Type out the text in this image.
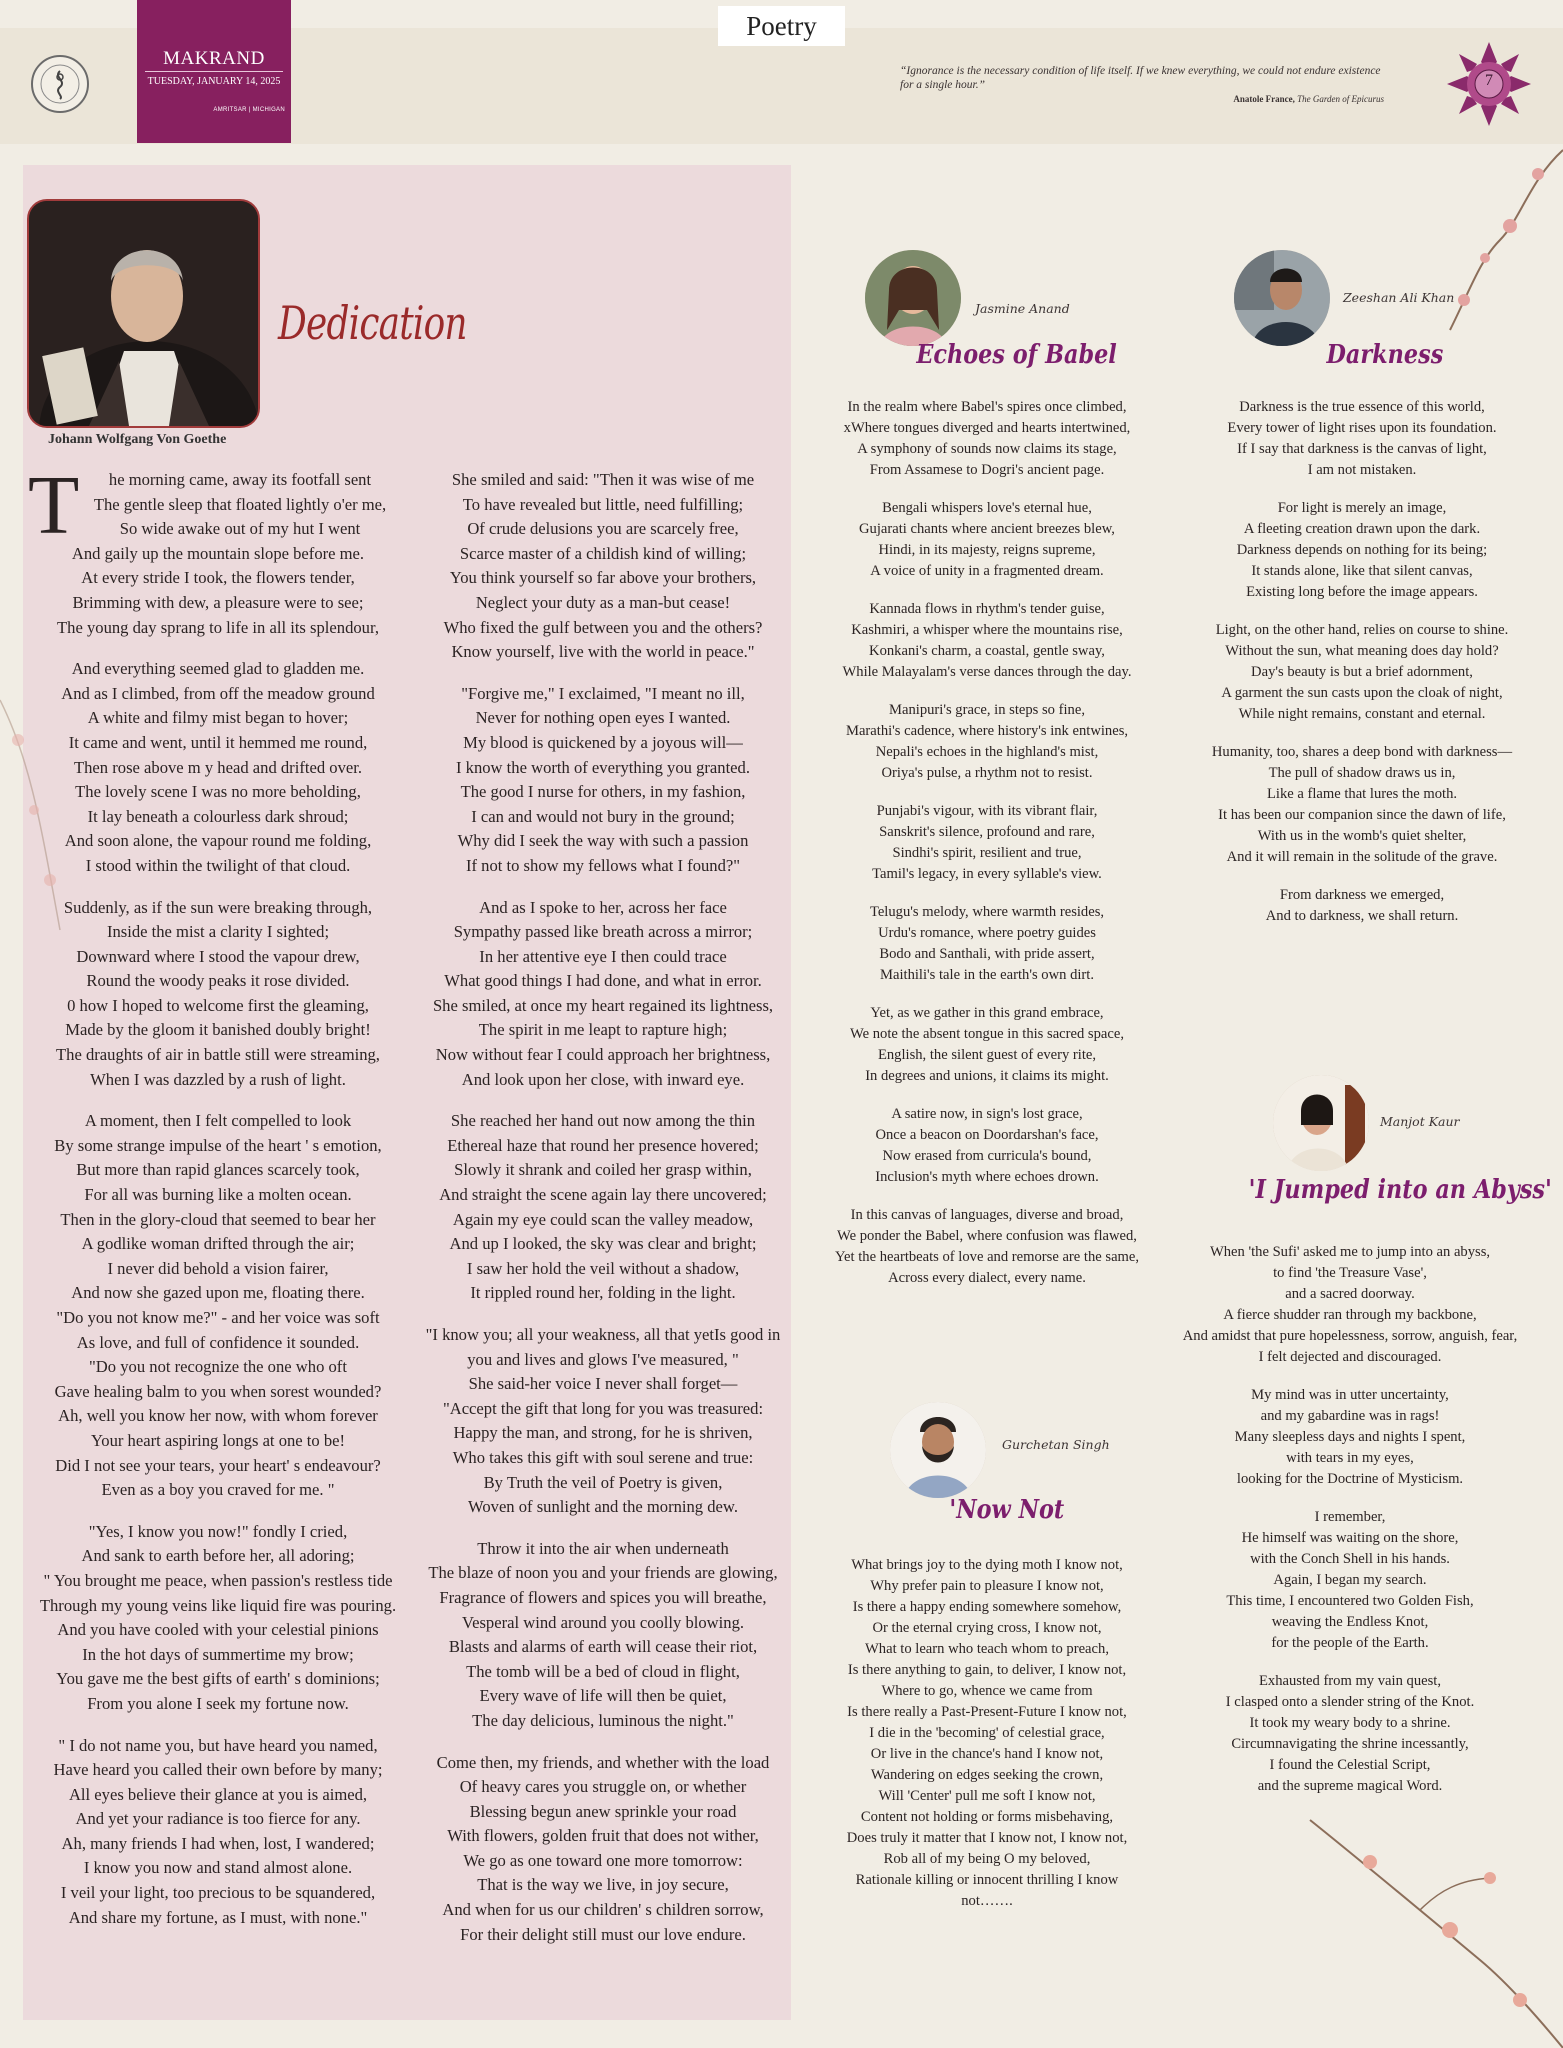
Poetry
MAKRAND
TUESDAY, JANUARY 14, 2025
AMRITSAR | MICHIGAN
“Ignorance is the necessary condition of life itself. If we knew everything, we could not endure existence for a single hour.”
Anatole France, The Garden of Epicurus
7
Johann Wolfgang Von Goethe
Dedication
T	he morning came, away its footfall sent
The gentle sleep that floated lightly o'er me,
So wide awake out of my hut I went
And gaily up the mountain slope before me.
At every stride I took, the flowers tender,
Brimming with dew, a pleasure were to see;
The young day sprang to life in all its splendour,
And everything seemed glad to gladden me.
And as I climbed, from off the meadow ground
A white and filmy mist began to hover;
It came and went, until it hemmed me round,
Then rose above m y head and drifted over.
The lovely scene I was no more beholding,
It lay beneath a colourless dark shroud;
And soon alone, the vapour round me folding,
I stood within the twilight of that cloud.
Suddenly, as if the sun were breaking through,
Inside the mist a clarity I sighted;
Downward where I stood the vapour drew,
Round the woody peaks it rose divided.
0 how I hoped to welcome first the gleaming,
Made by the gloom it banished doubly bright!
The draughts of air in battle still were streaming,
When I was dazzled by a rush of light.
A moment, then I felt compelled to look
By some strange impulse of the heart ' s emotion,
But more than rapid glances scarcely took,
For all was burning like a molten ocean.
Then in the glory-cloud that seemed to bear her
A godlike woman drifted through the air;
I never did behold a vision fairer,
And now she gazed upon me, floating there.
"Do you not know me?" - and her voice was soft
As love, and full of confidence it sounded.
"Do you not recognize the one who oft
Gave healing balm to you when sorest wounded?
Ah, well you know her now, with whom forever
Your heart aspiring longs at one to be!
Did I not see your tears, your heart' s endeavour?
Even as a boy you craved for me. "
"Yes, I know you now!" fondly I cried,
And sank to earth before her, all adoring;
" You brought me peace, when passion's restless tide
Through my young veins like liquid fire was pouring.
And you have cooled with your celestial pinions
In the hot days of summertime my brow;
You gave me the best gifts of earth' s dominions;
From you alone I seek my fortune now.
" I do not name you, but have heard you named,
Have heard you called their own before by many;
All eyes believe their glance at you is aimed,
And yet your radiance is too fierce for any.
Ah, many friends I had when, lost, I wandered;
I know you now and stand almost alone.
I veil your light, too precious to be squandered,
And share my fortune, as I must, with none."
She smiled and said: "Then it was wise of me
To have revealed but little, need fulfilling;
Of crude delusions you are scarcely free,
Scarce master of a childish kind of willing;
You think yourself so far above your brothers,
Neglect your duty as a man-but cease!
Who fixed the gulf between you and the others?
Know yourself, live with the world in peace."
"Forgive me," I exclaimed, "I meant no ill,
Never for nothing open eyes I wanted.
My blood is quickened by a joyous will—
I know the worth of everything you granted.
The good I nurse for others, in my fashion,
I can and would not bury in the ground;
Why did I seek the way with such a passion
If not to show my fellows what I found?"
And as I spoke to her, across her face
Sympathy passed like breath across a mirror;
In her attentive eye I then could trace
What good things I had done, and what in error.
She smiled, at once my heart regained its lightness,
The spirit in me leapt to rapture high;
Now without fear I could approach her brightness,
And look upon her close, with inward eye.
She reached her hand out now among the thin
Ethereal haze that round her presence hovered;
Slowly it shrank and coiled her grasp within,
And straight the scene again lay there uncovered;
Again my eye could scan the valley meadow,
And up I looked, the sky was clear and bright;
I saw her hold the veil without a shadow,
It rippled round her, folding in the light.
"I know you; all your weakness, all that yetIs good in
you and lives and glows I've measured, "
She said-her voice I never shall forget—
"Accept the gift that long for you was treasured:
Happy the man, and strong, for he is shriven,
Who takes this gift with soul serene and true:
By Truth the veil of Poetry is given,
Woven of sunlight and the morning dew.
Throw it into the air when underneath
The blaze of noon you and your friends are glowing,
Fragrance of flowers and spices you will breathe,
Vesperal wind around you coolly blowing.
Blasts and alarms of earth will cease their riot,
The tomb will be a bed of cloud in flight,
Every wave of life will then be quiet,
The day delicious, luminous the night."
Come then, my friends, and whether with the load
Of heavy cares you struggle on, or whether
Blessing begun anew sprinkle your road
With flowers, golden fruit that does not wither,
We go as one toward one more tomorrow:
That is the way we live, in joy secure,
And when for us our children' s children sorrow,
For their delight still must our love endure.
Jasmine Anand
Echoes of Babel
In the realm where Babel's spires once climbed,
xWhere tongues diverged and hearts intertwined,
A symphony of sounds now claims its stage,
From Assamese to Dogri's ancient page.
Bengali whispers love's eternal hue,
Gujarati chants where ancient breezes blew,
Hindi, in its majesty, reigns supreme,
A voice of unity in a fragmented dream.
Kannada flows in rhythm's tender guise,
Kashmiri, a whisper where the mountains rise,
Konkani's charm, a coastal, gentle sway,
While Malayalam's verse dances through the day.
Manipuri's grace, in steps so fine,
Marathi's cadence, where history's ink entwines,
Nepali's echoes in the highland's mist,
Oriya's pulse, a rhythm not to resist.
Punjabi's vigour, with its vibrant flair,
Sanskrit's silence, profound and rare,
Sindhi's spirit, resilient and true,
Tamil's legacy, in every syllable's view.
Telugu's melody, where warmth resides,
Urdu's romance, where poetry guides
Bodo and Santhali, with pride assert,
Maithili's tale in the earth's own dirt.
Yet, as we gather in this grand embrace,
We note the absent tongue in this sacred space,
English, the silent guest of every rite,
In degrees and unions, it claims its might.
A satire now, in sign's lost grace,
Once a beacon on Doordarshan's face,
Now erased from curricula's bound,
Inclusion's myth where echoes drown.
In this canvas of languages, diverse and broad,
We ponder the Babel, where confusion was flawed,
Yet the heartbeats of love and remorse are the same,
Across every dialect, every name.
Zeeshan Ali Khan
Darkness
Darkness is the true essence of this world,
Every tower of light rises upon its foundation.
If I say that darkness is the canvas of light,
I am not mistaken.
For light is merely an image,
A fleeting creation drawn upon the dark.
Darkness depends on nothing for its being;
It stands alone, like that silent canvas,
Existing long before the image appears.
Light, on the other hand, relies on course to shine.
Without the sun, what meaning does day hold?
Day's beauty is but a brief adornment,
A garment the sun casts upon the cloak of night,
While night remains, constant and eternal.
Humanity, too, shares a deep bond with darkness—
The pull of shadow draws us in,
Like a flame that lures the moth.
It has been our companion since the dawn of life,
With us in the womb's quiet shelter,
And it will remain in the solitude of the grave.
From darkness we emerged,
And to darkness, we shall return.
Manjot Kaur
'I Jumped into an Abyss'
When 'the Sufi' asked me to jump into an abyss,
to find 'the Treasure Vase',
and a sacred doorway.
A fierce shudder ran through my backbone,
And amidst that pure hopelessness, sorrow, anguish, fear,
I felt dejected and discouraged.
My mind was in utter uncertainty,
and my gabardine was in rags!
Many sleepless days and nights I spent,
with tears in my eyes,
looking for the Doctrine of Mysticism.
I remember,
He himself was waiting on the shore,
with the Conch Shell in his hands.
Again, I began my search.
This time, I encountered two Golden Fish,
weaving the Endless Knot,
for the people of the Earth.
Exhausted from my vain quest,
I clasped onto a slender string of the Knot.
It took my weary body to a shrine.
Circumnavigating the shrine incessantly,
I found the Celestial Script,
and the supreme magical Word.
Gurchetan Singh
'Now Not
What brings joy to the dying moth I know not,
Why prefer pain to pleasure I know not,
Is there a happy ending somewhere somehow,
Or the eternal crying cross, I know not,
What to learn who teach whom to preach,
Is there anything to gain, to deliver, I know not,
Where to go, whence we came from
Is there really a Past-Present-Future I know not,
I die in the 'becoming' of celestial grace,
Or live in the chance's hand I know not,
Wandering on edges seeking the crown,
Will 'Center' pull me soft I know not,
Content not holding or forms misbehaving,
Does truly it matter that I know not, I know not,
Rob all of my being O my beloved,
Rationale killing or innocent thrilling I know
not…….
